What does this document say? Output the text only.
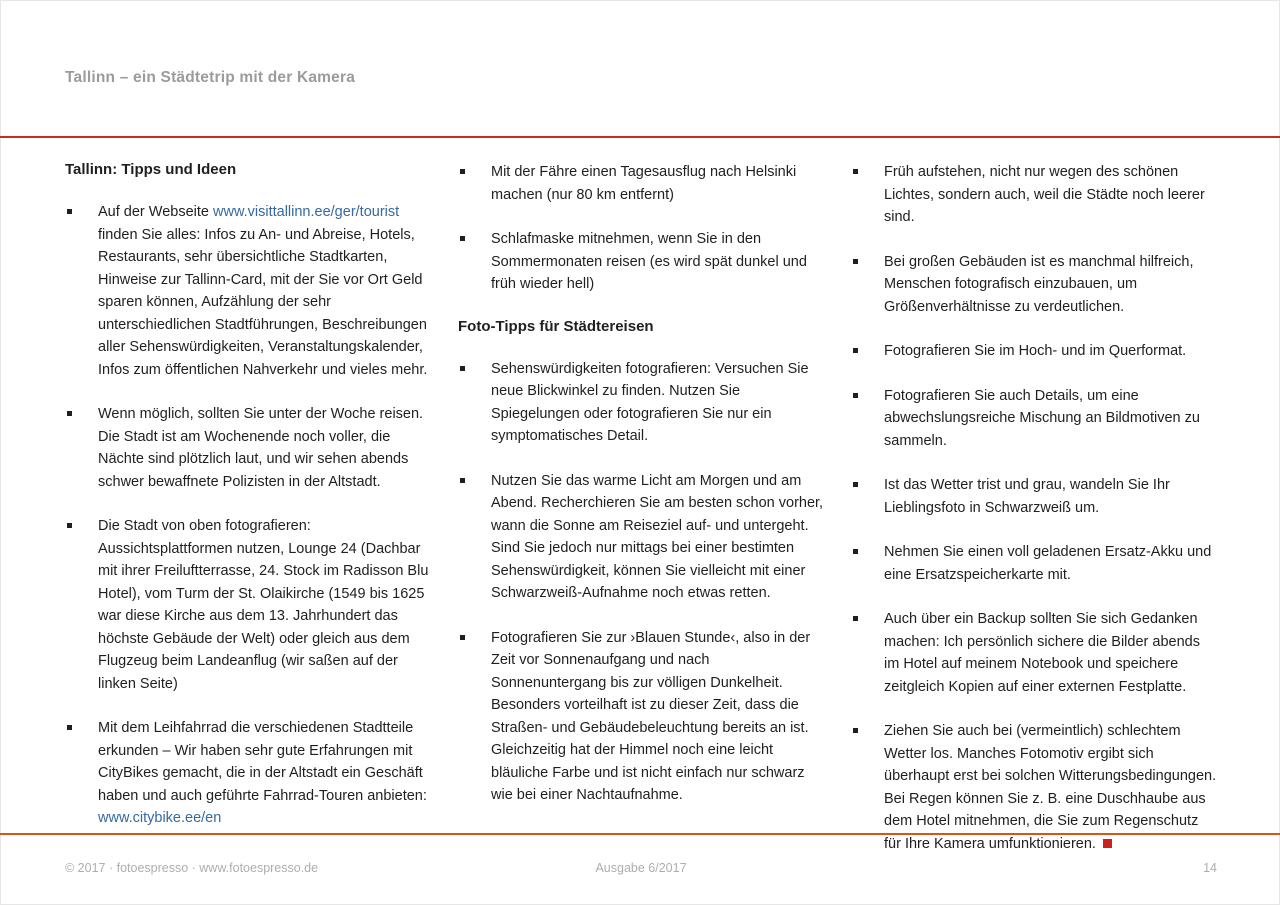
Tallinn – ein Städtetrip mit der Kamera
Tallinn: Tipps und Ideen
Auf der Webseite www.visittallinn.ee/ger/tourist finden Sie alles: Infos zu An- und Abreise, Hotels, Restaurants, sehr übersichtliche Stadtkarten, Hinweise zur Tallinn-Card, mit der Sie vor Ort Geld sparen können, Aufzählung der sehr unterschiedlichen Stadtführungen, Beschreibungen aller Sehenswürdigkeiten, Veranstaltungskalender, Infos zum öffentlichen Nahverkehr und vieles mehr.
Wenn möglich, sollten Sie unter der Woche reisen. Die Stadt ist am Wochenende noch voller, die Nächte sind plötzlich laut, und wir sehen abends schwer bewaffnete Polizisten in der Altstadt.
Die Stadt von oben fotografieren: Aussichtsplattformen nutzen, Lounge 24 (Dachbar mit ihrer Freiluftterrasse, 24. Stock im Radisson Blu Hotel), vom Turm der St. Olaikirche (1549 bis 1625 war diese Kirche aus dem 13. Jahrhundert das höchste Gebäude der Welt) oder gleich aus dem Flugzeug beim Landeanflug (wir saßen auf der linken Seite)
Mit dem Leihfahrrad die verschiedenen Stadtteile erkunden – Wir haben sehr gute Erfahrungen mit CityBikes gemacht, die in der Altstadt ein Geschäft haben und auch geführte Fahrrad-Touren anbieten: www.citybike.ee/en
Mit der Fähre einen Tagesausflug nach Helsinki machen (nur 80 km entfernt)
Schlafmaske mitnehmen, wenn Sie in den Sommermonaten reisen (es wird spät dunkel und früh wieder hell)
Foto-Tipps für Städtereisen
Sehenswürdigkeiten fotografieren: Versuchen Sie neue Blickwinkel zu finden. Nutzen Sie Spiegelungen oder fotografieren Sie nur ein symptomatisches Detail.
Nutzen Sie das warme Licht am Morgen und am Abend. Recherchieren Sie am besten schon vorher, wann die Sonne am Reiseziel auf- und untergeht. Sind Sie jedoch nur mittags bei einer bestimten Sehenswürdigkeit, können Sie vielleicht mit einer Schwarzweiß-Aufnahme noch etwas retten.
Fotografieren Sie zur ›Blauen Stunde‹, also in der Zeit vor Sonnenaufgang und nach Sonnenuntergang bis zur völligen Dunkelheit. Besonders vorteilhaft ist zu dieser Zeit, dass die Straßen- und Gebäudebeleuchtung bereits an ist. Gleichzeitig hat der Himmel noch eine leicht bläuliche Farbe und ist nicht einfach nur schwarz wie bei einer Nachtaufnahme.
Früh aufstehen, nicht nur wegen des schönen Lichtes, sondern auch, weil die Städte noch leerer sind.
Bei großen Gebäuden ist es manchmal hilfreich, Menschen fotografisch einzubauen, um Größenverhältnisse zu verdeutlichen.
Fotografieren Sie im Hoch- und im Querformat.
Fotografieren Sie auch Details, um eine abwechslungsreiche Mischung an Bildmotiven zu sammeln.
Ist das Wetter trist und grau, wandeln Sie Ihr Lieblingsfoto in Schwarzweiß um.
Nehmen Sie einen voll geladenen Ersatz-Akku und eine Ersatzspeicherkarte mit.
Auch über ein Backup sollten Sie sich Gedanken machen: Ich persönlich sichere die Bilder abends im Hotel auf meinem Notebook und speichere zeitgleich Kopien auf einer externen Festplatte.
Ziehen Sie auch bei (vermeintlich) schlechtem Wetter los. Manches Fotomotiv ergibt sich überhaupt erst bei solchen Witterungsbedingungen. Bei Regen können Sie z. B. eine Duschhaube aus dem Hotel mitnehmen, die Sie zum Regenschutz für Ihre Kamera umfunktionieren.
© 2017 · fotoespresso · www.fotoespresso.de	Ausgabe 6/2017	14
